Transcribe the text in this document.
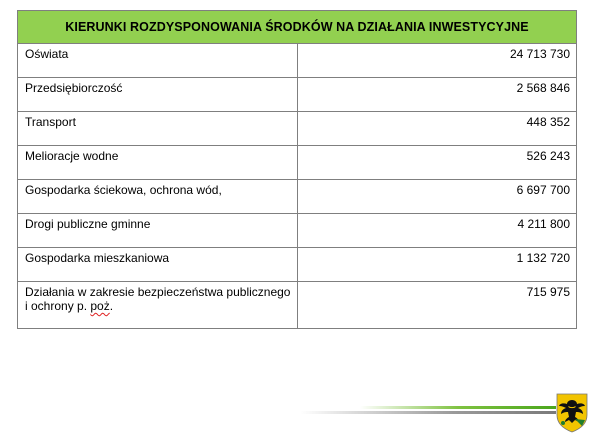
KIERUNKI ROZDYSPONOWANIA ŚRODKÓW NA DZIAŁANIA INWESTYCYJNE	
Oświata	24 713 730
Przedsiębiorczość	2 568 846
Transport	448 352
Melioracje wodne	526 243
Gospodarka ściekowa, ochrona wód,	6 697 700
Drogi publiczne gminne	4 211 800
Gospodarka mieszkaniowa	1 132 720
Działania w zakresie bezpieczeństwa publicznego
i ochrony p. poż.	715 975
